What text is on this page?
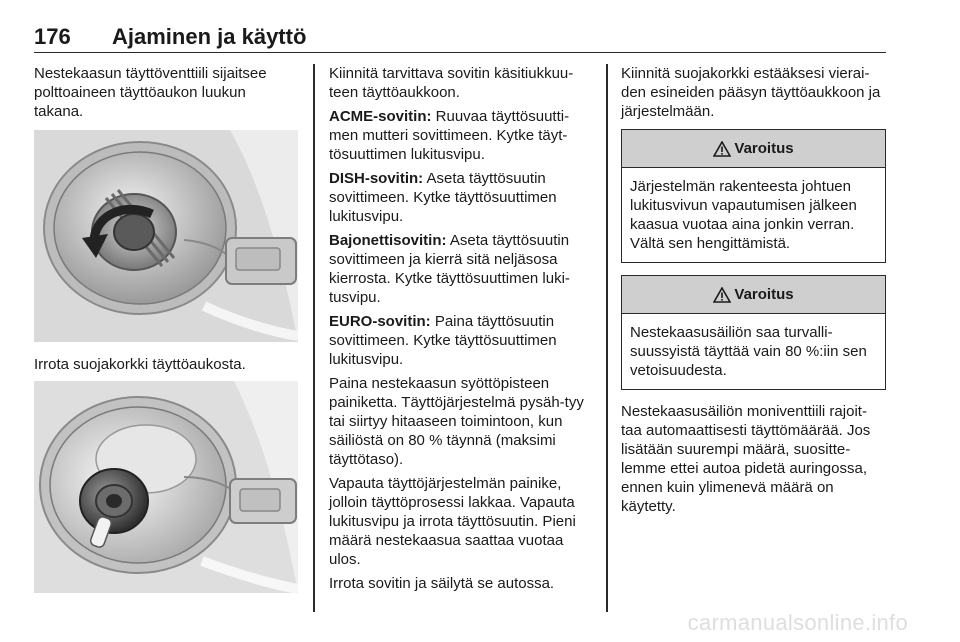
176 Ajaminen ja käyttö

Nestekaasun täyttöventtiili sijaitsee polttoaineen täyttöaukon luukun takana.

Irrota suojakorkki täyttöaukosta.

Kiinnitä tarvittava sovitin käsitiukkuu-teen täyttöaukkoon.

ACME-sovitin: Ruuvaa täyttösuutti-men mutteri sovittimeen. Kytke täyt-tösuuttimen lukitusvipu.

DISH-sovitin: Aseta täyttösuutin sovittimeen. Kytke täyttösuuttimen lukitusvipu.

Bajonettisovitin: Aseta täyttösuutin sovittimeen ja kierrä sitä neljäsosa kierrosta. Kytke täyttösuuttimen luki-tusvipu.

EURO-sovitin: Paina täyttösuutin sovittimeen. Kytke täyttösuuttimen lukitusvipu.

Paina nestekaasun syöttöpisteen painiketta. Täyttöjärjestelmä pysäh-tyy tai siirtyy hitaaseen toimintoon, kun säiliöstä on 80 % täynnä (maksimi täyttötaso).

Vapauta täyttöjärjestelmän painike, jolloin täyttöprosessi lakkaa. Vapauta lukitusvipu ja irrota täyttösuutin. Pieni määrä nestekaasua saattaa vuotaa ulos.

Irrota sovitin ja säilytä se autossa.

Kiinnitä suojakorkki estääksesi vierai-den esineiden pääsyn täyttöaukkoon ja järjestelmään.

Varoitus
Järjestelmän rakenteesta johtuen lukitusvivun vapautumisen jälkeen kaasua vuotaa aina jonkin verran. Vältä sen hengittämistä.
Varoitus
Nestekaasusäiliön saa turvalli-suussyistä täyttää vain 80 %:iin sen vetoisuudesta.

Nestekaasusäiliön moniventtiili rajoit-taa automaattisesti täyttömäärää. Jos lisätään suurempi määrä, suositte-lemme ettei autoa pidetä auringossa, ennen kuin ylimenevä määrä on käytetty.

carmanualsonline.info
